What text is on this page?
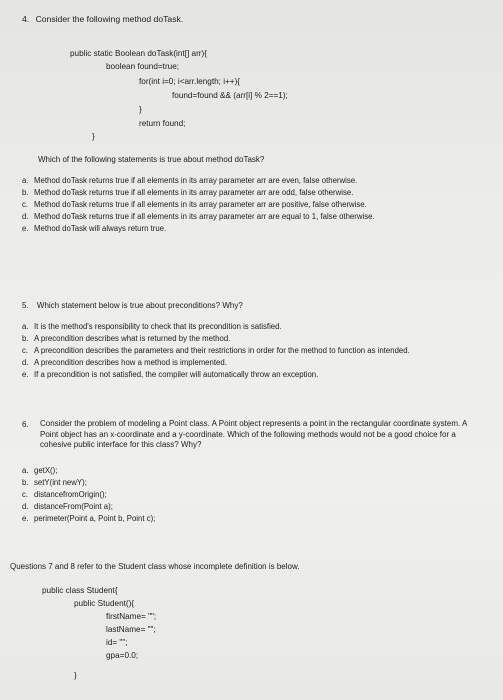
4. Consider the following method doTask.
public static Boolean doTask(int[] arr){
boolean found=true;
for(int i=0; i<arr.length; i++){
found=found && (arr[i] % 2==1);
}
return found;
}
Which of the following statements is true about method doTask?
a. Method doTask returns true if all elements in its array parameter arr are even, false otherwise.
b. Method doTask returns true if all elements in its array parameter arr are odd, false otherwise.
c. Method doTask returns true if all elements in its array parameter arr are positive, false otherwise.
d. Method doTask returns true if all elements in its array parameter arr are equal to 1, false otherwise.
e. Method doTask will always return true.
5. Which statement below is true about preconditions? Why?
a. It is the method's responsibility to check that its precondition is satisfied.
b. A precondition describes what is returned by the method.
c. A precondition describes the parameters and their restrictions in order for the method to function as intended.
d. A precondition describes how a method is implemented.
e. If a precondition is not satisfied, the compiler will automatically throw an exception.
6. Consider the problem of modeling a Point class. A Point object represents a point in the rectangular coordinate system. A Point object has an x-coordinate and a y-coordinate. Which of the following methods would not be a good choice for a cohesive public interface for this class? Why?
a. getX();
b. setY(int newY);
c. distancefromOrigin();
d. distanceFrom(Point a);
e. perimeter(Point a, Point b, Point c);
Questions 7 and 8 refer to the Student class whose incomplete definition is below.
public class Student{
public Student(){
firstName= "";
lastName= "";
id= "";
gpa=0.0;
}
